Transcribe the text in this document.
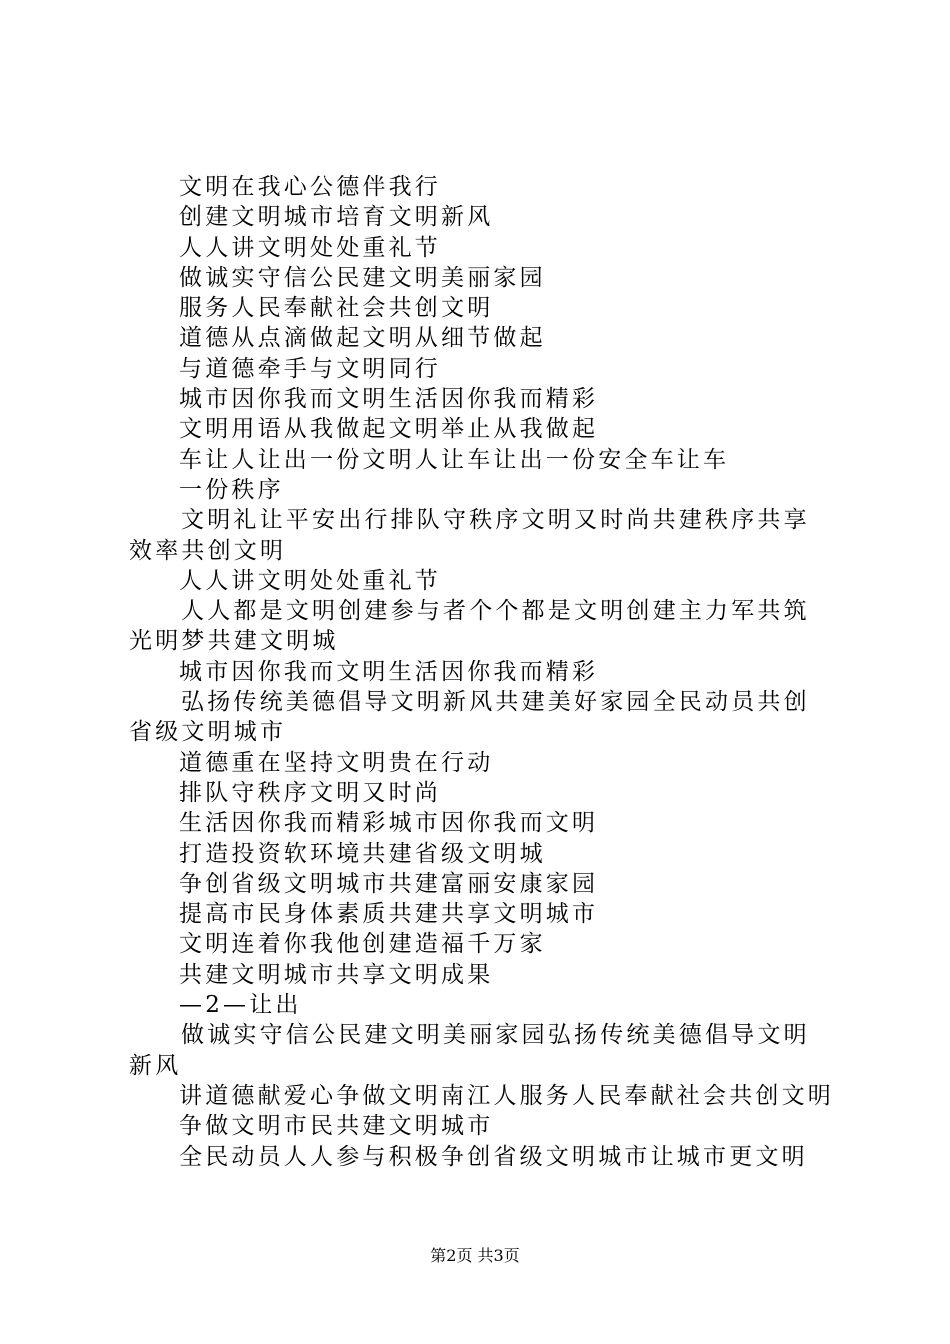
文明在我心公德伴我行
创建文明城市培育文明新风
人人讲文明处处重礼节
做诚实守信公民建文明美丽家园
服务人民奉献社会共创文明
道德从点滴做起文明从细节做起
与道德牵手与文明同行
城市因你我而文明生活因你我而精彩
文明用语从我做起文明举止从我做起
车让人让出一份文明人让车让出一份安全车让车
一份秩序
文明礼让平安出行排队守秩序文明又时尚共建秩序共享效率共创文明
人人讲文明处处重礼节
人人都是文明创建参与者个个都是文明创建主力军共筑光明梦共建文明城
城市因你我而文明生活因你我而精彩
弘扬传统美德倡导文明新风共建美好家园全民动员共创省级文明城市
道德重在坚持文明贵在行动
排队守秩序文明又时尚
生活因你我而精彩城市因你我而文明
打造投资软环境共建省级文明城
争创省级文明城市共建富丽安康家园
提高市民身体素质共建共享文明城市
文明连着你我他创建造福千万家
共建文明城市共享文明成果
—2—让出
做诚实守信公民建文明美丽家园弘扬传统美德倡导文明新风
讲道德献爱心争做文明南江人服务人民奉献社会共创文明
争做文明市民共建文明城市
全民动员人人参与积极争创省级文明城市让城市更文明
第2页 共3页
